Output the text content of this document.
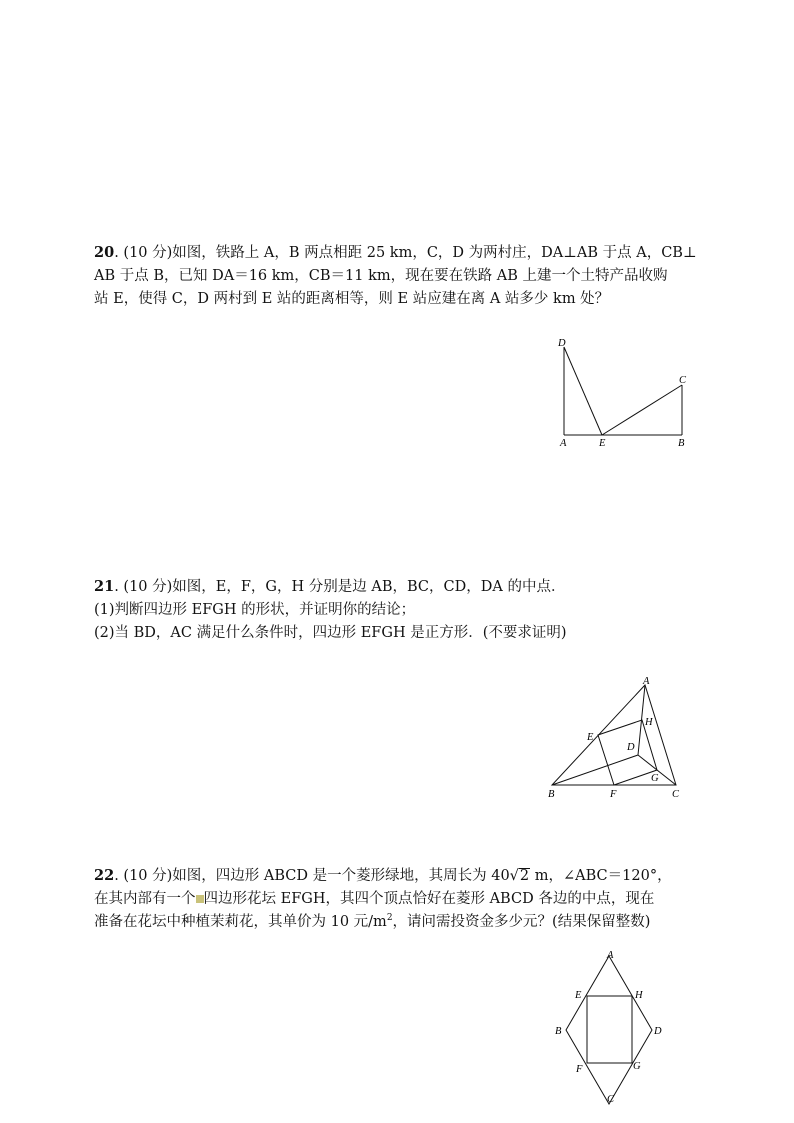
20. (10 分)如图，铁路上 A，B 两点相距 25 km，C，D 为两村庄，DA⊥AB 于点 A，CB⊥

AB 于点 B，已知 DA＝16 km，CB＝11 km，现在要在铁路 AB 上建一个土特产品收购

站 E，使得 C，D 两村到 E 站的距离相等，则 E 站应建在离 A 站多少 km 处？

D
C
A	E	B

21. (10 分)如图，E，F，G，H 分别是边 AB，BC，CD，DA 的中点．

(1)判断四边形 EFGH 的形状，并证明你的结论；

(2)当 BD，AC 满足什么条件时，四边形 EFGH 是正方形．(不要求证明)

A
H
E
D
G
B	F	C

22. (10 分)如图，四边形 ABCD 是一个菱形绿地，其周长为 40√2 m，∠ABC＝120°，

在其内部有一个 四边形花坛 EFGH，其四个顶点恰好在菱形 ABCD 各边的中点，现在

准备在花坛中种植茉莉花，其单价为 10 元$/m^2$，请问需投资金多少元？(结果保留整数)

A
E	H
B	D
F	G
C
